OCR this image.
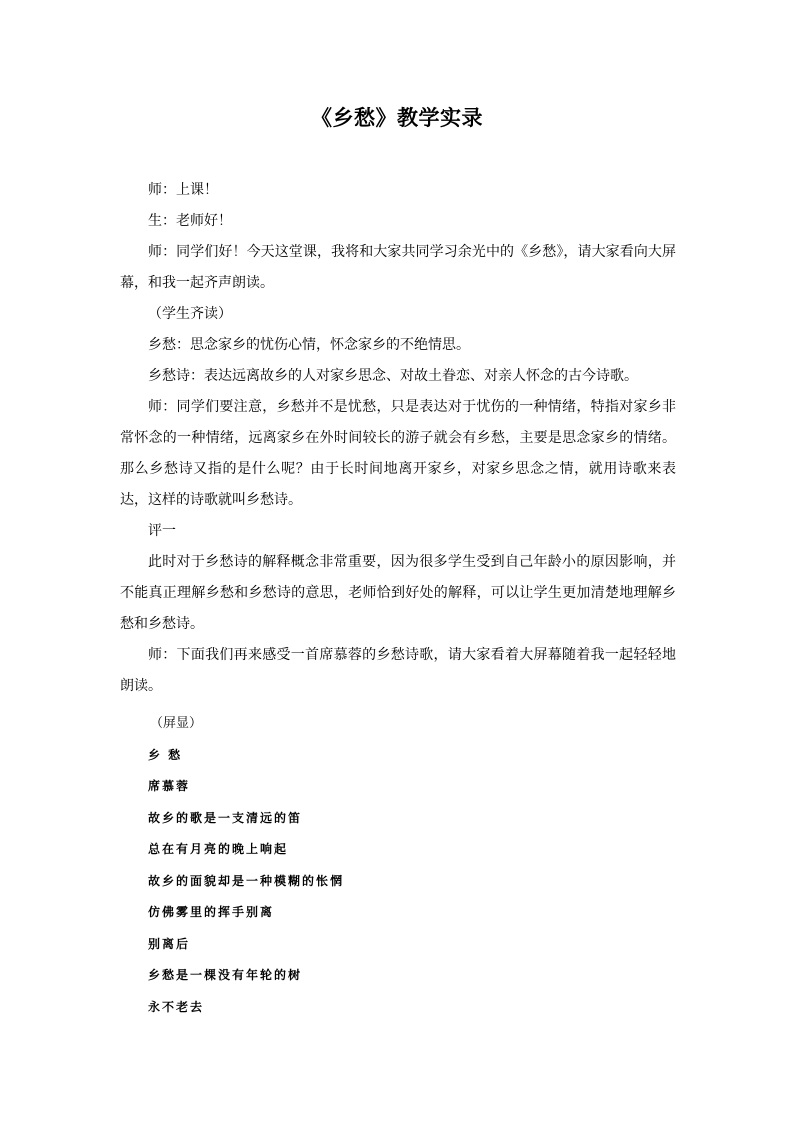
《乡愁》教学实录

师：上课！

生：老师好！

师：同学们好！今天这堂课，我将和大家共同学习余光中的《乡愁》，请大家看向大屏幕，和我一起齐声朗读。

（学生齐读）

乡愁：思念家乡的忧伤心情，怀念家乡的不绝情思。

乡愁诗：表达远离故乡的人对家乡思念、对故土眷恋、对亲人怀念的古今诗歌。

师：同学们要注意，乡愁并不是忧愁，只是表达对于忧伤的一种情绪，特指对家乡非常怀念的一种情绪，远离家乡在外时间较长的游子就会有乡愁，主要是思念家乡的情绪。那么乡愁诗又指的是什么呢？由于长时间地离开家乡，对家乡思念之情，就用诗歌来表达，这样的诗歌就叫乡愁诗。

评一

此时对于乡愁诗的解释概念非常重要，因为很多学生受到自己年龄小的原因影响，并不能真正理解乡愁和乡愁诗的意思，老师恰到好处的解释，可以让学生更加清楚地理解乡愁和乡愁诗。

师：下面我们再来感受一首席慕蓉的乡愁诗歌，请大家看着大屏幕随着我一起轻轻地朗读。

（屏显）

乡 愁

席慕蓉

故乡的歌是一支清远的笛

总在有月亮的晚上响起

故乡的面貌却是一种模糊的怅惘

仿佛雾里的挥手别离

别离后

乡愁是一棵没有年轮的树

永不老去
